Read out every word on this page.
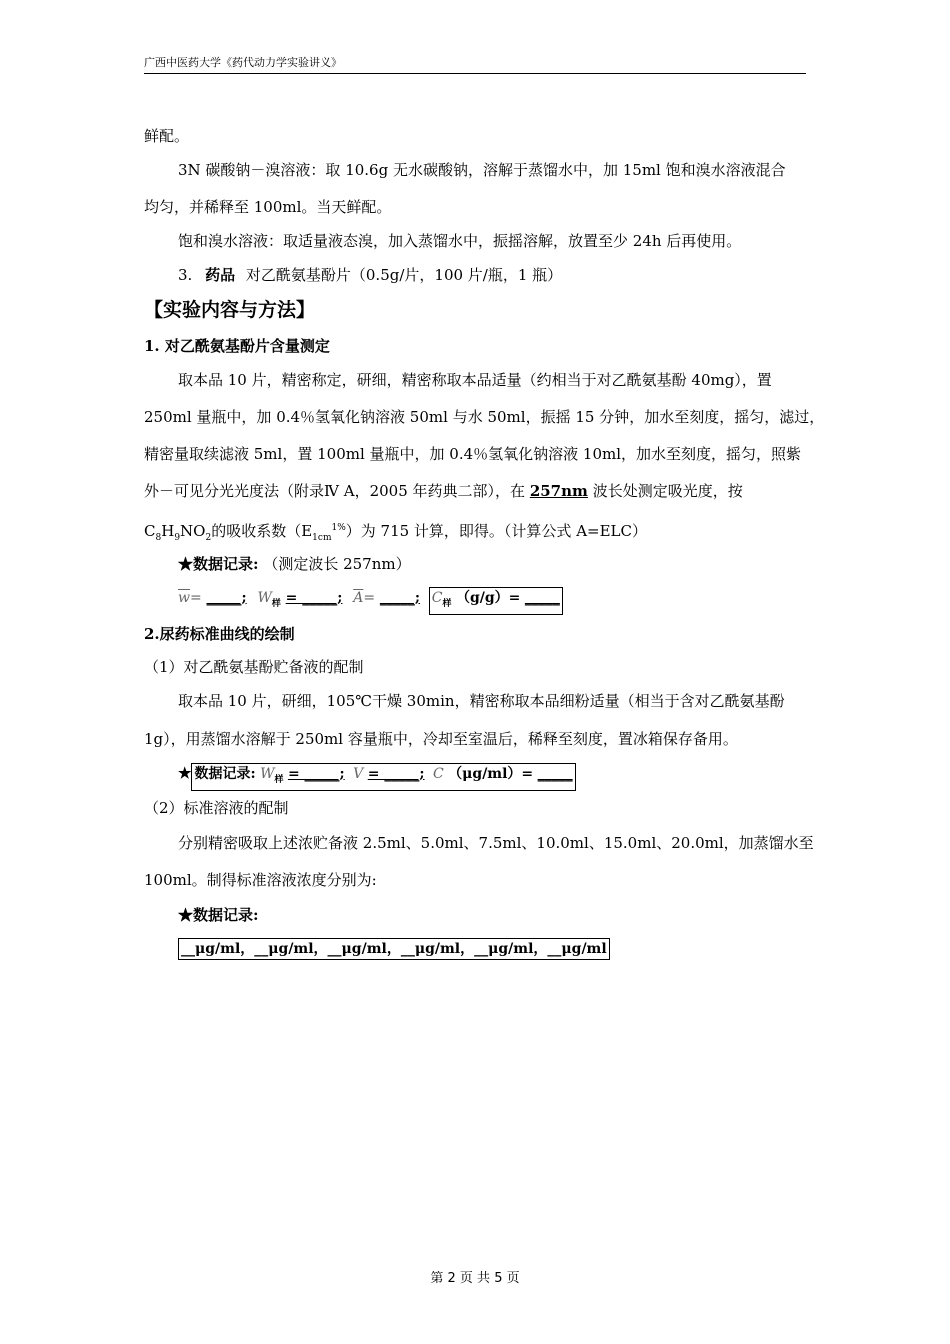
广西中医药大学《药代动力学实验讲义》
鲜配。
3N 碳酸钠－溴溶液：取 10.6g 无水碳酸钠，溶解于蒸馏水中，加 15ml 饱和溴水溶液混合
均匀，并稀释至 100ml。当天鲜配。
饱和溴水溶液：取适量液态溴，加入蒸馏水中，振摇溶解，放置至少 24h 后再使用。
3. 药品 对乙酰氨基酚片（0.5g/片，100 片/瓶，1 瓶）
【实验内容与方法】
1. 对乙酰氨基酚片含量测定
取本品 10 片，精密称定，研细，精密称取本品适量（约相当于对乙酰氨基酚 40mg），置
250ml 量瓶中，加 0.4％氢氧化钠溶液 50ml 与水 50ml，振摇 15 分钟，加水至刻度，摇匀，滤过，
精密量取续滤液 5ml，置 100ml 量瓶中，加 0.4％氢氧化钠溶液 10ml，加水至刻度，摇匀，照紫
外－可见分光光度法（附录Ⅳ A，2005 年药典二部），在 257nm 波长处测定吸光度，按
$C_8H_9NO_2$的吸收系数$(E_{1cm}^{1\%})$为 715 计算，即得。（计算公式 A=ELC）
★数据记录: （测定波长 257nm）
$\overline{w}=$ _____; $W_样$ = _____; $\overline{A}=$ _____; $C_样$ （g/g）= _____
2.尿药标准曲线的绘制
（1）对乙酰氨基酚贮备液的配制
取本品 10 片，研细，105℃干燥 30min，精密称取本品细粉适量（相当于含对乙酰氨基酚
1g），用蒸馏水溶解于 250ml 容量瓶中，冷却至室温后，稀释至刻度，置冰箱保存备用。
★ 数据记录: $W_样$ = _____; V = _____; C （μg/ml）= _____
（2）标准溶液的配制
分别精密吸取上述浓贮备液 2.5ml、5.0ml、7.5ml、10.0ml、15.0ml、20.0ml，加蒸馏水至
100ml。制得标准溶液浓度分别为:
★数据记录:
__μg/ml，__μg/ml，__μg/ml，__μg/ml，__μg/ml，__μg/ml
第 2 页 共 5 页
